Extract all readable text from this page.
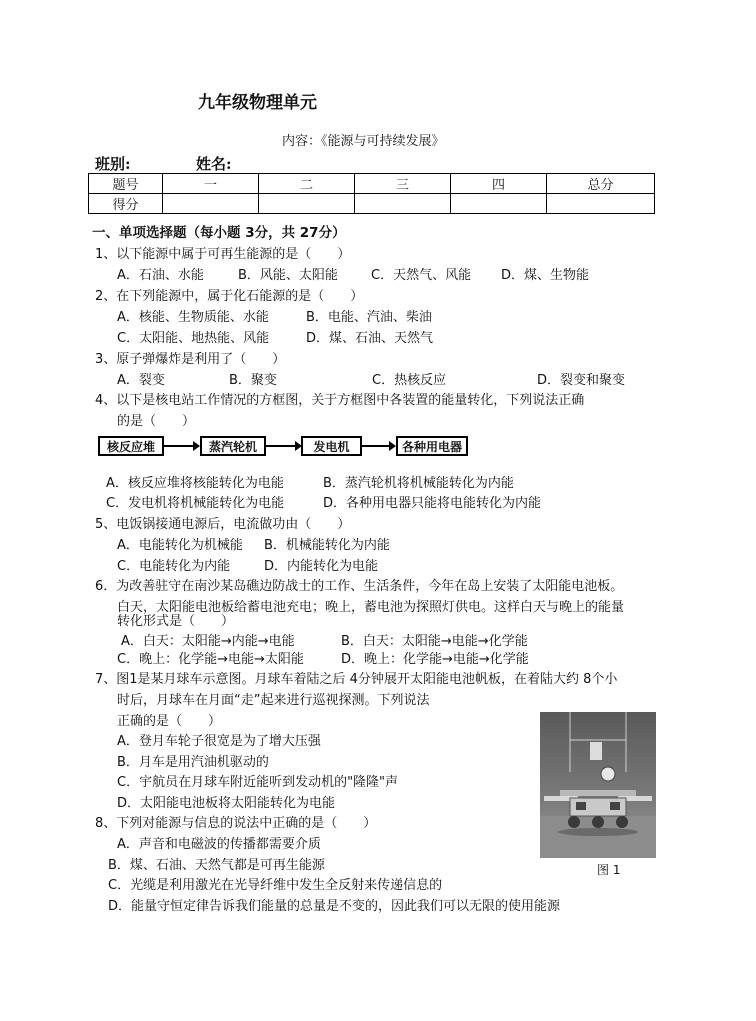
九年级物理单元
内容：《能源与可持续发展》
班别:	姓名:
题号	一	二	三	四	总分
得分					
一、单项选择题（每小题 3分，共 27分）
1、以下能源中属于可再生能源的是（　　）
A．石油、水能	B．风能、太阳能	C．天然气、风能 D．煤、生物能
2、在下列能源中，属于化石能源的是（　　）
A．核能、生物质能、水能	B．电能、汽油、柴油
C．太阳能、地热能、风能	D．煤、石油、天然气
3、原子弹爆炸是利用了（　　）
A．裂变	B．聚变	C．热核反应	D．裂变和聚变
4、以下是核电站工作情况的方框图，关于方框图中各装置的能量转化，下列说法正确
的是（　　）
核反应堆	蒸汽轮机	发电机	各种用电器
A．核反应堆将核能转化为电能	B．蒸汽轮机将机械能转化为内能
C．发电机将机械能转化为电能	D．各种用电器只能将电能转化为内能
5、电饭锅接通电源后，电流做功由（　　）
A．电能转化为机械能 B．机械能转化为内能
C．电能转化为内能	D．内能转化为电能
6．为改善驻守在南沙某岛礁边防战士的工作、生活条件，今年在岛上安装了太阳能电池板。
白天，太阳能电池板给蓄电池充电；晚上，蓄电池为探照灯供电。这样白天与晚上的能量
转化形式是（　　）
A．白天：太阳能→内能→电能	B．白天：太阳能→电能→化学能
C．晚上：化学能→电能→太阳能	D．晚上：化学能→电能→化学能
7、图1是某月球车示意图。月球车着陆之后 4分钟展开太阳能电池帆板，在着陆大约 8个小
时后，月球车在月面“走”起来进行巡视探测。下列说法
正确的是（　　）
A．登月车轮子很宽是为了增大压强
B．月车是用汽油机驱动的
C．宇航员在月球车附近能听到发动机的"隆隆"声
D．太阳能电池板将太阳能转化为电能
图 1
8、下列对能源与信息的说法中正确的是（　　）
A．声音和电磁波的传播都需要介质
B．煤、石油、天然气都是可再生能源
C．光缆是利用激光在光导纤维中发生全反射来传递信息的
D．能量守恒定律告诉我们能量的总量是不变的，因此我们可以无限的使用能源
